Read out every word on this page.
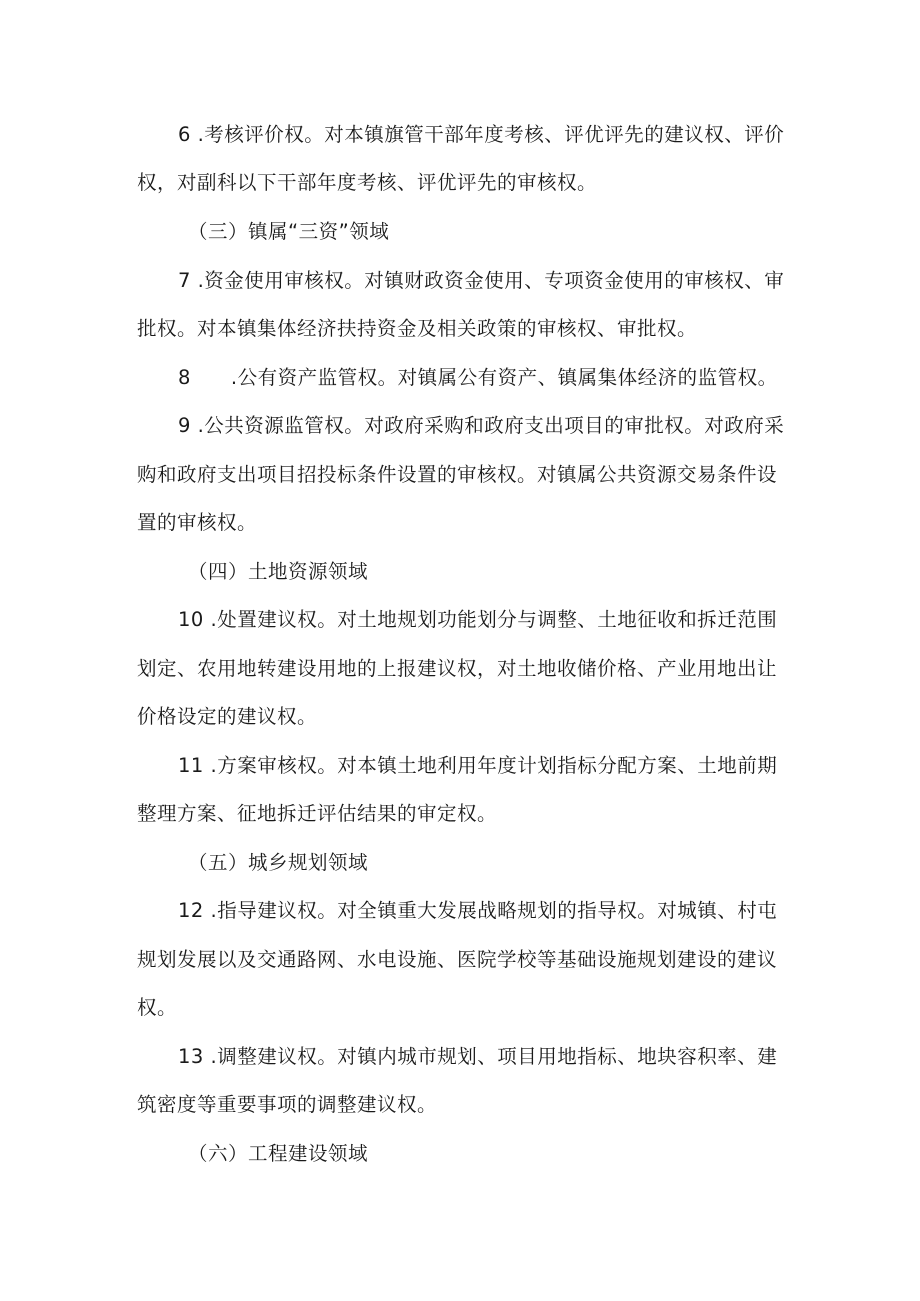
6 .考核评价权。对本镇旗管干部年度考核、评优评先的建议权、评价
权，对副科以下干部年度考核、评优评先的审核权。
（三）镇属“三资”领域
7 .资金使用审核权。对镇财政资金使用、专项资金使用的审核权、审
批权。对本镇集体经济扶持资金及相关政策的审核权、审批权。
8　　.公有资产监管权。对镇属公有资产、镇属集体经济的监管权。
9 .公共资源监管权。对政府采购和政府支出项目的审批权。对政府采
购和政府支出项目招投标条件设置的审核权。对镇属公共资源交易条件设
置的审核权。
（四）土地资源领域
10 .处置建议权。对土地规划功能划分与调整、土地征收和拆迁范围
划定、农用地转建设用地的上报建议权，对土地收储价格、产业用地出让
价格设定的建议权。
11 .方案审核权。对本镇土地利用年度计划指标分配方案、土地前期
整理方案、征地拆迁评估结果的审定权。
（五）城乡规划领域
12 .指导建议权。对全镇重大发展战略规划的指导权。对城镇、村屯
规划发展以及交通路网、水电设施、医院学校等基础设施规划建设的建议
权。
13 .调整建议权。对镇内城市规划、项目用地指标、地块容积率、建
筑密度等重要事项的调整建议权。
（六）工程建设领域
